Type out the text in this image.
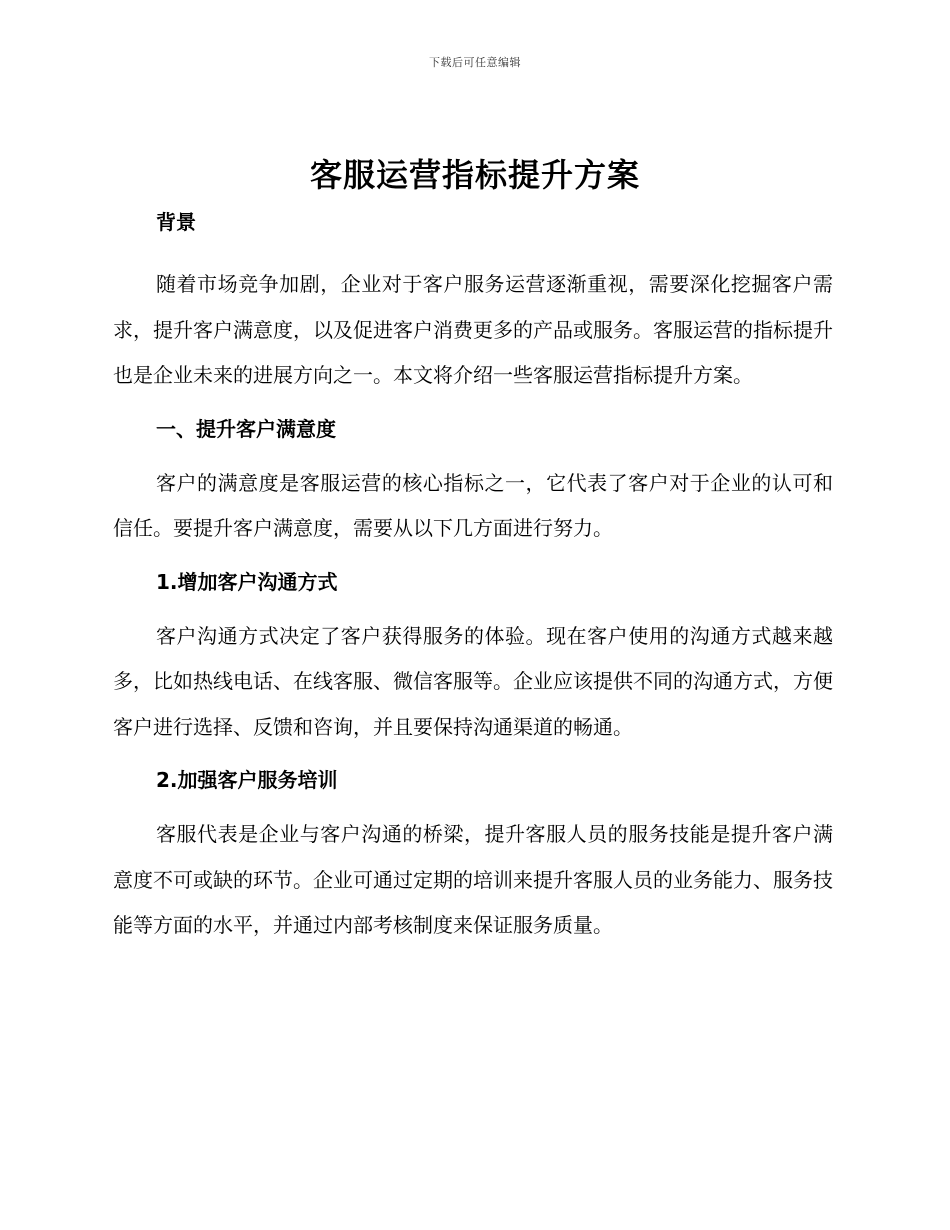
下载后可任意编辑
客服运营指标提升方案
背景

随着市场竞争加剧，企业对于客户服务运营逐渐重视，需要深化挖掘客户需求，提升客户满意度，以及促进客户消费更多的产品或服务。客服运营的指标提升也是企业未来的进展方向之一。本文将介绍一些客服运营指标提升方案。

一、提升客户满意度

客户的满意度是客服运营的核心指标之一，它代表了客户对于企业的认可和信任。要提升客户满意度，需要从以下几方面进行努力。

1.增加客户沟通方式

客户沟通方式决定了客户获得服务的体验。现在客户使用的沟通方式越来越多，比如热线电话、在线客服、微信客服等。企业应该提供不同的沟通方式，方便客户进行选择、反馈和咨询，并且要保持沟通渠道的畅通。

2.加强客户服务培训

客服代表是企业与客户沟通的桥梁，提升客服人员的服务技能是提升客户满意度不可或缺的环节。企业可通过定期的培训来提升客服人员的业务能力、服务技能等方面的水平，并通过内部考核制度来保证服务质量。
